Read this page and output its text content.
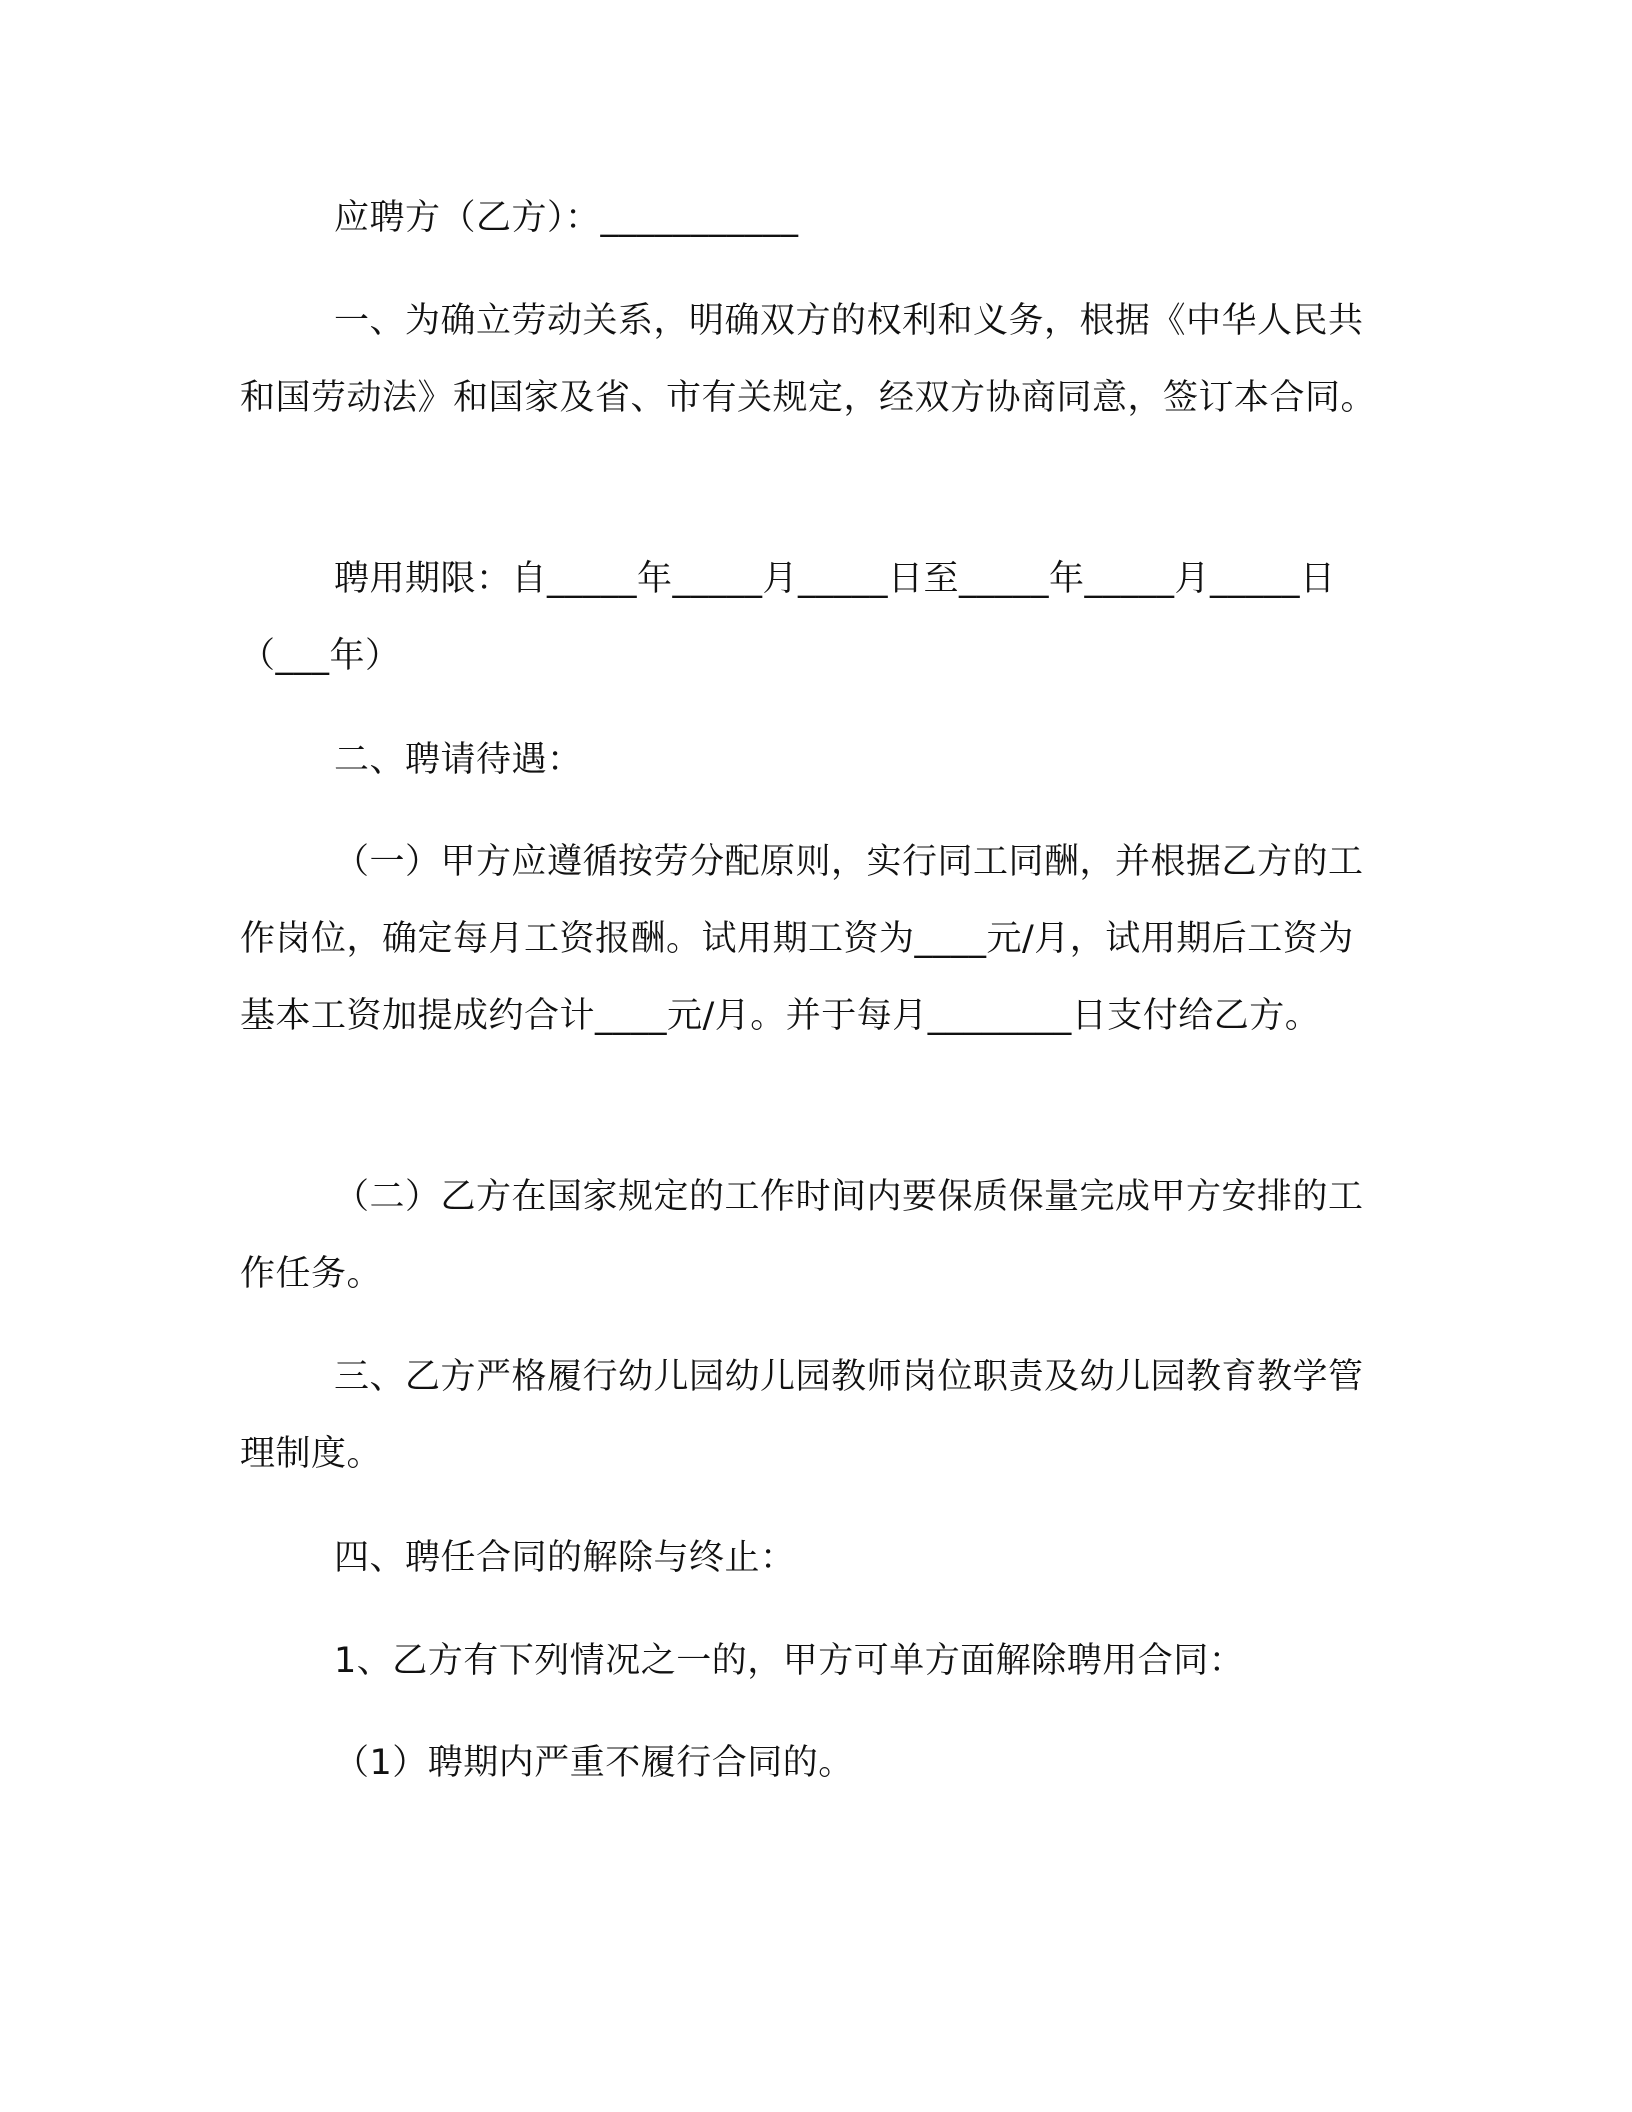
应聘方（乙方）：___________

一、为确立劳动关系，明确双方的权利和义务，根据《中华人民共和国劳动法》和国家及省、市有关规定，经双方协商同意，签订本合同。

聘用期限：自_____年_____月_____日至_____年_____月_____日（___年）

二、聘请待遇：

（一）甲方应遵循按劳分配原则，实行同工同酬，并根据乙方的工作岗位，确定每月工资报酬。试用期工资为____元/月，试用期后工资为基本工资加提成约合计____元/月。并于每月________日支付给乙方。

（二）乙方在国家规定的工作时间内要保质保量完成甲方安排的工作任务。

三、乙方严格履行幼儿园幼儿园教师岗位职责及幼儿园教育教学管理制度。

四、聘任合同的解除与终止：

1、乙方有下列情况之一的，甲方可单方面解除聘用合同：

（1）聘期内严重不履行合同的。
